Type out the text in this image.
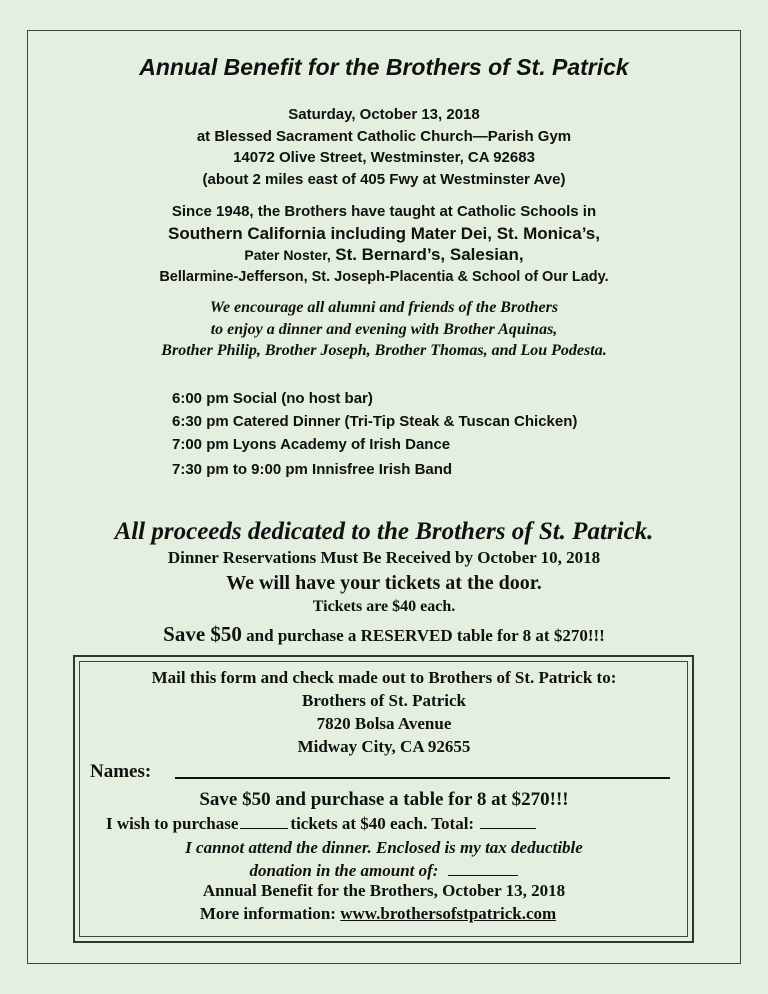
Annual Benefit for the Brothers of St. Patrick
Saturday, October 13, 2018
at Blessed Sacrament Catholic Church—Parish Gym
14072 Olive Street, Westminster, CA 92683
(about 2 miles east of 405 Fwy at Westminster Ave)
Since 1948, the Brothers have taught at Catholic Schools in
Southern California including Mater Dei, St. Monica’s,
Pater Noster, St. Bernard’s, Salesian,
Bellarmine-Jefferson, St. Joseph-Placentia & School of Our Lady.
We encourage all alumni and friends of the Brothers
to enjoy a dinner and evening with Brother Aquinas,
Brother Philip, Brother Joseph, Brother Thomas, and Lou Podesta.
6:00 pm Social (no host bar)
6:30 pm Catered Dinner (Tri-Tip Steak & Tuscan Chicken)
7:00 pm Lyons Academy of Irish Dance
7:30 pm to 9:00 pm Innisfree Irish Band
All proceeds dedicated to the Brothers of St. Patrick.
Dinner Reservations Must Be Received by October 10, 2018
We will have your tickets at the door.
Tickets are $40 each.
Save $50 and purchase a RESERVED table for 8 at $270!!!
Mail this form and check made out to Brothers of St. Patrick to:
Brothers of St. Patrick
7820 Bolsa Avenue
Midway City, CA 92655
Names:
Save $50 and purchase a table for 8 at $270!!!
I wish to purchase	tickets at $40 each. Total:
I cannot attend the dinner. Enclosed is my tax deductible
donation in the amount of:
Annual Benefit for the Brothers, October 13, 2018
More information: www.brothersofstpatrick.com
